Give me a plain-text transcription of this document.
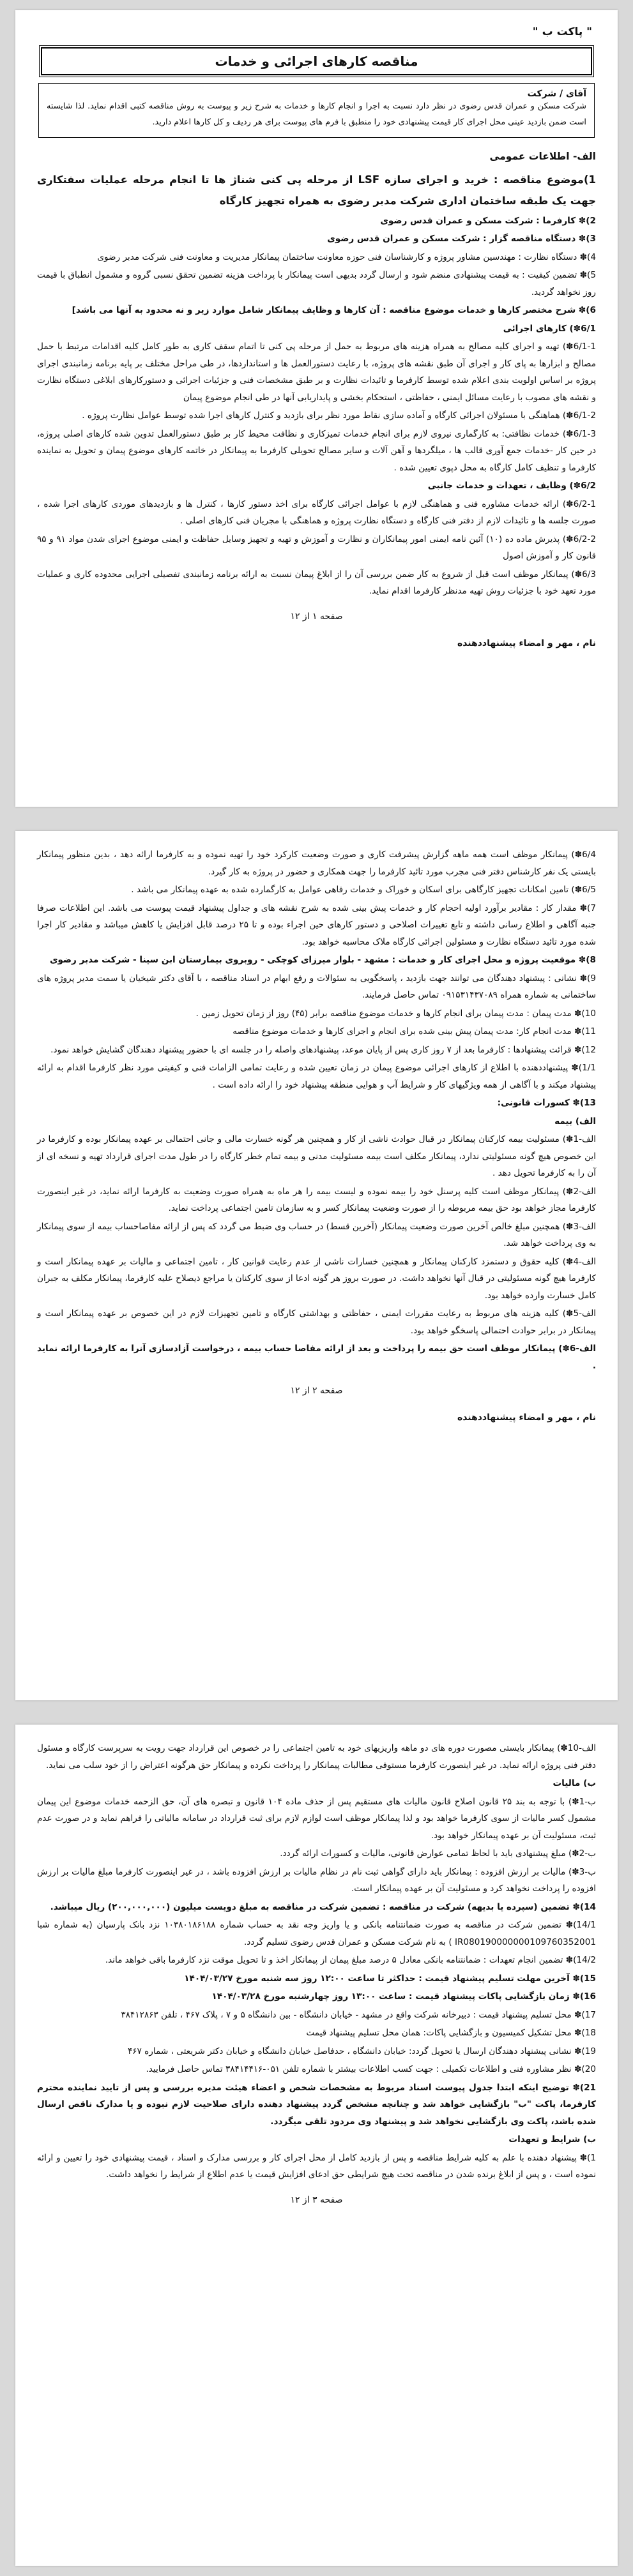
" پاکت ب "
مناقصه کارهای اجرائی و خدمات
آقای / شرکت
شرکت مسکن و عمران قدس رضوی در نظر دارد نسبت به اجرا و انجام کارها و خدمات به شرح زیر و پیوست به روش مناقصه کتبی اقدام نماید. لذا شایسته است ضمن بازدید عینی محل اجرای کار قیمت پیشنهادی خود را منطبق با فرم های پیوست برای هر ردیف و کل کارها اعلام دارید.
الف- اطلاعات عمومی
1)موضوع مناقصه : خرید و اجرای سازه LSF از مرحله پی کنی شناژ ها تا انجام مرحله عملیات سفتکاری جهت یک طبقه ساختمان اداری شرکت مدبر رضوی به همراه تجهیز کارگاه
2)✽ کارفرما : شرکت مسکن و عمران قدس رضوی
3)✽ دستگاه مناقصه گزار : شرکت مسکن و عمران قدس رضوی
4)✽ دستگاه نظارت : مهندسین مشاور پروژه و کارشناسان فنی حوزه معاونت ساختمان پیمانکار مدیریت و معاونت فنی شرکت مدبر رضوی
5)✽ تضمین کیفیت : به قیمت پیشنهادی منضم شود و ارسال گردد بدیهی است پیمانکار با پرداخت هزینه تضمین تحقق نسبی گروه و مشمول انطباق با قیمت روز نخواهد گردید.
6)✽ شرح مختصر کارها و خدمات موضوع مناقصه : آن کارها و وظایف پیمانکار شامل موارد زیر و نه محدود به آنها می باشد]
6/1✽) کارهای اجرائی
6/1-1✽) تهیه و اجرای کلیه مصالح به همراه هزینه های مربوط به حمل از مرحله پی کنی تا اتمام سقف کاری به طور کامل کلیه اقدامات مرتبط با حمل مصالح و ابزارها به پای کار و اجرای آن طبق نقشه های پروژه، با رعایت دستورالعمل ها و استانداردها، در طی مراحل مختلف بر پایه برنامه زمانبندی اجرای پروژه بر اساس اولویت بندی اعلام شده توسط کارفرما و تائیدات نظارت و بر طبق مشخصات فنی و جزئیات اجرائی و دستورکارهای ابلاغی دستگاه نظارت و نقشه های مصوب با رعایت مسائل ایمنی ، حفاظتی ، استحکام بخشی و پایداریابی آنها در طی انجام موضوع پیمان
6/1-2✽) هماهنگی با مسئولان اجرائی کارگاه و آماده سازی نقاط مورد نظر برای بازدید و کنترل کارهای اجرا شده توسط عوامل نظارت پروژه .
6/1-3✽) خدمات نظافتی: به کارگماری نیروی لازم برای انجام خدمات تمیزکاری و نظافت محیط کار بر طبق دستورالعمل تدوین شده کارهای اصلی پروژه، در حین کار -خدمات جمع آوری قالب ها ، میلگردها و آهن آلات و سایر مصالح تحویلی کارفرما به پیمانکار در خاتمه کارهای موضوع پیمان و تحویل به نماینده کارفرما و تنظیف کامل کارگاه به محل دپوی تعیین شده .
6/2✽) وظایف ، تعهدات و خدمات جانبی
6/2-1✽) ارائه خدمات مشاوره فنی و هماهنگی لازم با عوامل اجرائی کارگاه برای اخذ دستور کارها ، کنترل ها و بازدیدهای موردی کارهای اجرا شده ، صورت جلسه ها و تائیدات لازم از دفتر فنی کارگاه و دستگاه نظارت پروژه و هماهنگی با مجریان فنی کارهای اصلی .
6/2-2✽) پذیرش ماده ده (۱۰) آئین نامه ایمنی امور پیمانکاران و نظارت و آموزش و تهیه و تجهیز وسایل حفاظت و ایمنی موضوع اجرای شدن مواد ۹۱ و ۹۵ قانون کار و آموزش اصول
6/3✽) پیمانکار موظف است قبل از شروع به کار ضمن بررسی آن را از ابلاغ پیمان نسبت به ارائه برنامه زمانبندی تفصیلی اجرایی محدوده کاری و عملیات مورد تعهد خود با جزئیات روش تهیه مدنظر کارفرما اقدام نماید.
صفحه ۱ از ۱۲
نام ، مهر و امضاء پیشنهاددهنده
6/4✽) پیمانکار موظف است همه ماهه گزارش پیشرفت کاری و صورت وضعیت کارکرد خود را تهیه نموده و به کارفرما ارائه دهد ، بدین منظور پیمانکار بایستی یک نفر کارشناس دفتر فنی مجرب مورد تائید کارفرما را جهت همکاری و حضور در پروژه به کار گیرد.
6/5✽) تامین امکانات تجهیز کارگاهی برای اسکان و خوراک و خدمات رفاهی عوامل به کارگمارده شده به عهده پیمانکار می باشد .
7)✽ مقدار کار : مقادیر برآورد اولیه احجام کار و خدمات پیش بینی شده به شرح نقشه های و جداول پیشنهاد قیمت پیوست می باشد. این اطلاعات صرفا جنبه آگاهی و اطلاع رسانی داشته و تابع تغییرات اصلاحی و دستور کارهای حین اجراء بوده و تا ۲۵ درصد قابل افزایش یا کاهش میباشد و مقادیر کار اجرا شده مورد تائید دستگاه نظارت و مسئولین اجرائی کارگاه ملاک محاسبه خواهد بود.
8)✽ موقعیت پروژه و محل اجرای کار و خدمات : مشهد - بلوار میرزای کوچکی - روبروی بیمارستان ابن سینا - شرکت مدبر رضوی
9)✽ نشانی : پیشنهاد دهندگان می توانند جهت بازدید ، پاسخگویی به سئوالات و رفع ابهام در اسناد مناقصه ، با آقای دکتر شیخیان یا سمت مدیر پروژه های ساختمانی به شماره همراه ۰۹۱۵۳۱۴۳۷۰۸۹ تماس حاصل فرمایند.
10)✽ مدت پیمان : مدت پیمان برای انجام کارها و خدمات موضوع مناقصه برابر (۴۵) روز از زمان تحویل زمین .
11)✽ مدت انجام کار: مدت پیمان پیش بینی شده برای انجام و اجرای کارها و خدمات موضوع مناقصه
12)✽ قرائت پیشنهادها : کارفرما بعد از ۷ روز کاری پس از پایان موعد، پیشنهادهای واصله را در جلسه ای با حضور پیشنهاد دهندگان گشایش خواهد نمود.
1/1)✽ پیشنهاددهنده با اطلاع از کارهای اجرائی موضوع پیمان در زمان تعیین شده و رعایت تمامی الزامات فنی و کیفیتی مورد نظر کارفرما اقدام به ارائه پیشنهاد میکند و با آگاهی از همه ویژگیهای کار و شرایط آب و هوایی منطقه پیشنهاد خود را ارائه داده است .
13)✽ کسورات قانونی:
الف) بیمه
الف-1✽) مسئولیت بیمه کارکنان پیمانکار در قبال حوادث ناشی از کار و همچنین هر گونه خسارت مالی و جانی احتمالی بر عهده پیمانکار بوده و کارفرما در این خصوص هیچ گونه مسئولیتی ندارد، پیمانکار مکلف است بیمه مسئولیت مدنی و بیمه تمام خطر کارگاه را در طول مدت اجرای قرارداد تهیه و نسخه ای از آن را به کارفرما تحویل دهد .
الف-2✽) پیمانکار موظف است کلیه پرسنل خود را بیمه نموده و لیست بیمه را هر ماه به همراه صورت وضعیت به کارفرما ارائه نماید، در غیر اینصورت کارفرما مجاز خواهد بود حق بیمه مربوطه را از صورت وضعیت پیمانکار کسر و به سازمان تامین اجتماعی پرداخت نماید.
الف-3✽) همچنین مبلغ خالص آخرین صورت وضعیت پیمانکار (آخرین قسط) در حساب وی ضبط می گردد که پس از ارائه مفاصاحساب بیمه از سوی پیمانکار به وی پرداخت خواهد شد.
الف-4✽) کلیه حقوق و دستمزد کارکنان پیمانکار و همچنین خسارات ناشی از عدم رعایت قوانین کار ، تامین اجتماعی و مالیات بر عهده پیمانکار است و کارفرما هیچ گونه مسئولیتی در قبال آنها نخواهد داشت. در صورت بروز هر گونه ادعا از سوی کارکنان یا مراجع ذیصلاح علیه کارفرما، پیمانکار مکلف به جبران کامل خسارت وارده خواهد بود.
الف-5✽) کلیه هزینه های مربوط به رعایت مقررات ایمنی ، حفاظتی و بهداشتی کارگاه و تامین تجهیزات لازم در این خصوص بر عهده پیمانکار است و پیمانکار در برابر حوادث احتمالی پاسخگو خواهد بود.
الف-6✽) پیمانکار موظف است حق بیمه را پرداخت و بعد از ارائه مفاصا حساب بیمه ، درخواست آزادسازی آنرا به کارفرما ارائه نماید .
صفحه ۲ از ۱۲
نام ، مهر و امضاء پیشنهاددهنده
الف-10✽) پیمانکار بایستی مصورت دوره های دو ماهه واریزیهای خود به تامین اجتماعی را در خصوص این قرارداد جهت رویت به سرپرست کارگاه و مسئول دفتر فنی پروژه ارائه نماید. در غیر اینصورت کارفرما مستوفی مطالبات پیمانکار را پرداخت نکرده و پیمانکار حق هرگونه اعتراض را از خود سلب می نماید.
ب) مالیات
ب-1✽) با توجه به بند ۲۵ قانون اصلاح قانون مالیات های مستقیم پس از حذف ماده ۱۰۴ قانون و تبصره های آن، حق الزحمه خدمات موضوع این پیمان مشمول کسر مالیات از سوی کارفرما خواهد بود و لذا پیمانکار موظف است لوازم لازم برای ثبت قرارداد در سامانه مالیاتی را فراهم نماید و در صورت عدم ثبت، مسئولیت آن بر عهده پیمانکار خواهد بود.
ب-2✽) مبلغ پیشنهادی باید با لحاظ تمامی عوارض قانونی، مالیات و کسورات ارائه گردد.
ب-3✽) مالیات بر ارزش افزوده : پیمانکار باید دارای گواهی ثبت نام در نظام مالیات بر ارزش افزوده باشد ، در غیر اینصورت کارفرما مبلغ مالیات بر ارزش افزوده را پرداخت نخواهد کرد و مسئولیت آن بر عهده پیمانکار است.
14)✽ تضمین (سپرده یا بدیهه) شرکت در مناقصه : تضمین شرکت در مناقصه به مبلغ دویست میلیون (۲۰۰,۰۰۰,۰۰۰) ریال میباشد.
14/1)✽ تضمین شرکت در مناقصه به صورت ضمانتنامه بانکی و یا واریز وجه نقد به حساب شماره ۱۰۳۸۰۱۸۶۱۸۸ نزد بانک پارسیان (به شماره شبا IR080190000000109760352001 ) به نام شرکت مسکن و عمران قدس رضوی تسلیم گردد.
14/2)✽ تضمین انجام تعهدات : ضمانتنامه بانکی معادل ۵ درصد مبلغ پیمان از پیمانکار اخذ و تا تحویل موقت نزد کارفرما باقی خواهد ماند.
15)✽ آخرین مهلت تسلیم پیشنهاد قیمت : حداکثر تا ساعت ۱۲:۰۰ روز سه شنبه مورخ ۱۴۰۴/۰۳/۲۷
16)✽ زمان بازگشایی پاکات پیشنهاد قیمت : ساعت ۱۳:۰۰ روز چهارشنبه مورخ ۱۴۰۴/۰۳/۲۸
17)✽ محل تسلیم پیشنهاد قیمت : دبیرخانه شرکت واقع در مشهد - خیابان دانشگاه - بین دانشگاه ۵ و ۷ ، پلاک ۴۶۷ ، تلفن ۳۸۴۱۲۸۶۳
18)✽ محل تشکیل کمیسیون و بازگشایی پاکات: همان محل تسلیم پیشنهاد قیمت
19)✽ نشانی پیشنهاد دهندگان ارسال یا تحویل گردد: خیابان دانشگاه ، حدفاصل خیابان دانشگاه و خیابان دکتر شریعتی ، شماره ۴۶۷
20)✽ نظر مشاوره فنی و اطلاعات تکمیلی : جهت کسب اطلاعات بیشتر با شماره تلفن ۰۵۱-۳۸۴۱۴۴۱۶ تماس حاصل فرمایید.
21)✽ توضیح اینکه ابتدا جدول پیوست اسناد مربوط به مشخصات شخص و اعضاء هیئت مدیره بررسی و پس از تایید نماینده محترم کارفرما، پاکت "ب" بازگشایی خواهد شد و چنانچه مشخص گردد پیشنهاد دهنده دارای صلاحیت لازم نبوده و یا مدارک ناقص ارسال شده باشد، پاکت وی بازگشایی نخواهد شد و پیشنهاد وی مردود تلقی میگردد.
ب) شرایط و تعهدات
1)✽ پیشنهاد دهنده با علم به کلیه شرایط مناقصه و پس از بازدید کامل از محل اجرای کار و بررسی مدارک و اسناد ، قیمت پیشنهادی خود را تعیین و ارائه نموده است ، و پس از ابلاغ برنده شدن در مناقصه تحت هیچ شرایطی حق ادعای افزایش قیمت یا عدم اطلاع از شرایط را نخواهد داشت.
صفحه ۳ از ۱۲
